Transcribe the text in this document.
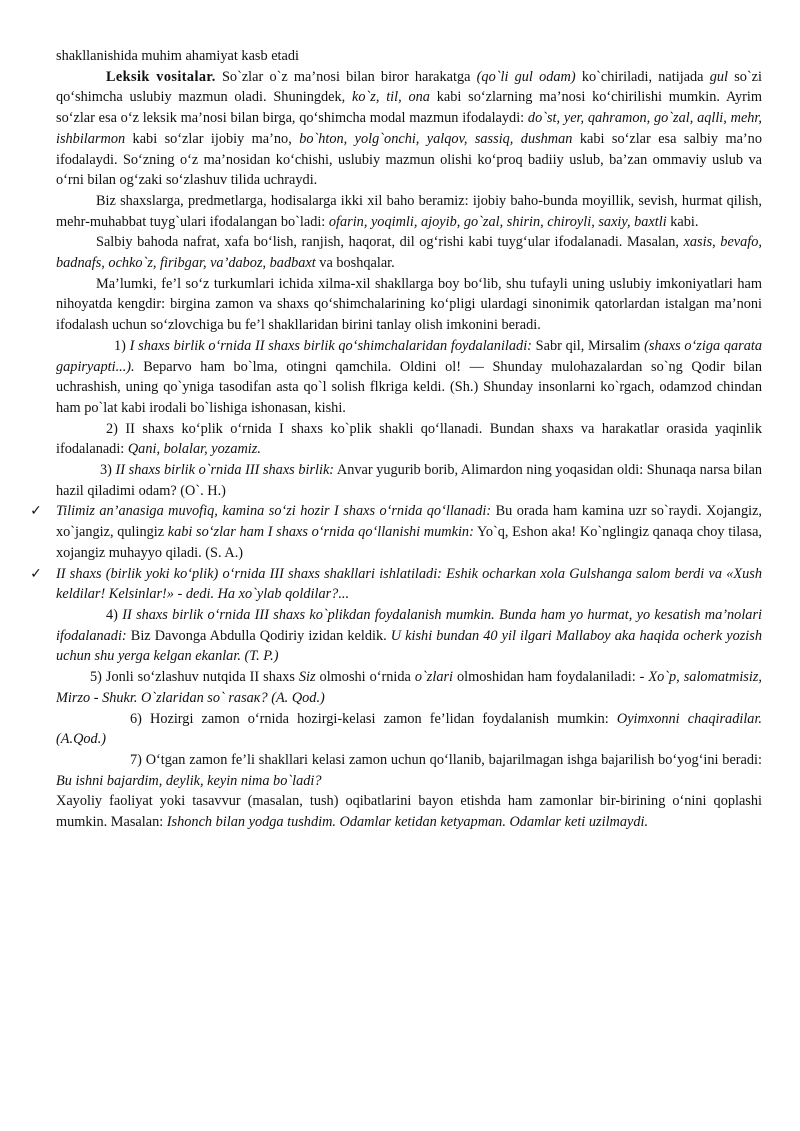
shakllanishida muhim ahamiyat kasb etadi

Leksik vositalar. So`zlar o`z ma’nosi bilan biror harakatga (qo`li gul odam) ko`chiriladi, natijada gul so`zi qo‘shimcha uslubiy mazmun oladi. Shuningdek, ko`z, til, ona kabi so‘zlarning ma’nosi ko‘chirilishi mumkin. Ayrim so‘zlar esa o‘z leksik ma’nosi bilan birga, qo‘shimcha modal mazmun ifodalaydi: do`st, yer, qahramon, go`zal, aqlli, mehr, ishbilarmon kabi so‘zlar ijobiy ma’no, bo`hton, yolg`onchi, yalqov, sassiq, dushman kabi so‘zlar esa salbiy ma’no ifodalaydi. So‘zning o‘z ma’nosidan ko‘chishi, uslubiy mazmun olishi ko‘proq badiiy uslub, ba’zan ommaviy uslub va o‘rni bilan og‘zaki so‘zlashuv tilida uchraydi.

Biz shaxslarga, predmetlarga, hodisalarga ikki xil baho beramiz: ijobiy baho-bunda moyillik, sevish, hurmat qilish, mehr-muhabbat tuyg`ulari ifodalangan bo`ladi: ofarin, yoqimli, ajoyib, go`zal, shirin, chiroyli, saxiy, baxtli kabi.

Salbiy bahoda nafrat, xafa bo‘lish, ranjish, haqorat, dil og‘rishi kabi tuyg‘ular ifodalanadi. Masalan, xasis, bevafo, badnafs, ochko`z, firibgar, va’daboz, badbaxt va boshqalar.

Ma’lumki, fe’l so‘z turkumlari ichida xilma-xil shakllarga boy bo‘lib, shu tufayli uning uslubiy imkoniyatlari ham nihoyatda kengdir: birgina zamon va shaxs qo‘shimchalarining ko‘pligi ulardagi sinonimik qatorlardan istalgan ma’noni ifodalash uchun so‘zlovchiga bu fe’l shakllaridan birini tanlay olish imkonini beradi.

1) I shaxs birlik o‘rnida II shaxs birlik qo‘shimchalaridan foydalaniladi: Sabr qil, Mirsalim (shaxs o‘ziga qarata gapiryapti...). Beparvo ham bo`lma, otingni qamchila. Oldini ol! — Shunday mulohazalardan so`ng Qodir bilan uchrashish, uning qo`yniga tasodifan asta qo`l solish flkriga keldi. (Sh.) Shunday insonlarni ko`rgach, odamzod chindan ham po`lat kabi irodali bo`lishiga ishonasan, kishi.

2) II shaxs ko‘plik o‘rnida I shaxs ko`plik shakli qo‘llanadi. Bundan shaxs va harakatlar orasida yaqinlik ifodalanadi: Qani, bolalar, yozamiz.

3) II shaxs birlik o`rnida III shaxs birlik: Anvar yugurib borib, Alimardon ning yoqasidan oldi: Shunaqa narsa bilan hazil qiladimi odam? (O`. H.)

✓ Tilimiz an’anasiga muvofiq, kamina so‘zi hozir I shaxs o‘rnida qo‘llanadi: Bu orada ham kamina uzr so`raydi. Xojangiz, xo`jangiz, qulingiz kabi so‘zlar ham I shaxs o‘rnida qo‘llanishi mumkin: Yo`q, Eshon aka! Ko`nglingiz qanaqa choy tilasa, xojangiz muhayyo qiladi. (S. A.)

✓ II shaxs (birlik yoki ko‘plik) o‘rnida III shaxs shakllari ishlatiladi: Eshik ocharkan xola Gulshanga salom berdi va «Xush keldilar! Kelsinlar!» - dedi. Ha xo`ylab qoldilar?...

4) II shaxs birlik o‘rnida III shaxs ko`plikdan foydalanish mumkin. Bunda ham yo hurmat, yo kesatish ma’nolari ifodalanadi: Biz Davonga Abdulla Qodiriy izidan keldik. U kishi bundan 40 yil ilgari Mallaboy aka haqida ocherk yozish uchun shu yerga kelgan ekanlar. (T. P.)

5) Jonli so‘zlashuv nutqida II shaxs Siz olmoshi o‘rnida o`zlari olmoshidan ham foydalaniladi: - Xo`p, salomatmisiz, Mirzo - Shukr. O`zlaridan so` rasaк? (A. Qod.)

6) Hozirgi zamon o‘rnida hozirgi-kelasi zamon fe’lidan foydalanish mumkin: Oyimxonni chaqiradilar. (A.Qod.)

7) O‘tgan zamon fe’li shakllari kelasi zamon uchun qo‘llanib, bajarilmagan ishga bajarilish bo‘yog‘ini beradi: Bu ishni bajardim, deylik, keyin nima bo`ladi?

Xayoliy faoliyat yoki tasavvur (masalan, tush) oqibatlarini bayon etishda ham zamonlar bir-birining o‘nini qoplashi mumkin. Masalan: Ishonch bilan yodga tushdim. Odamlar ketidan ketyapman. Odamlar keti uzilmaydi.
